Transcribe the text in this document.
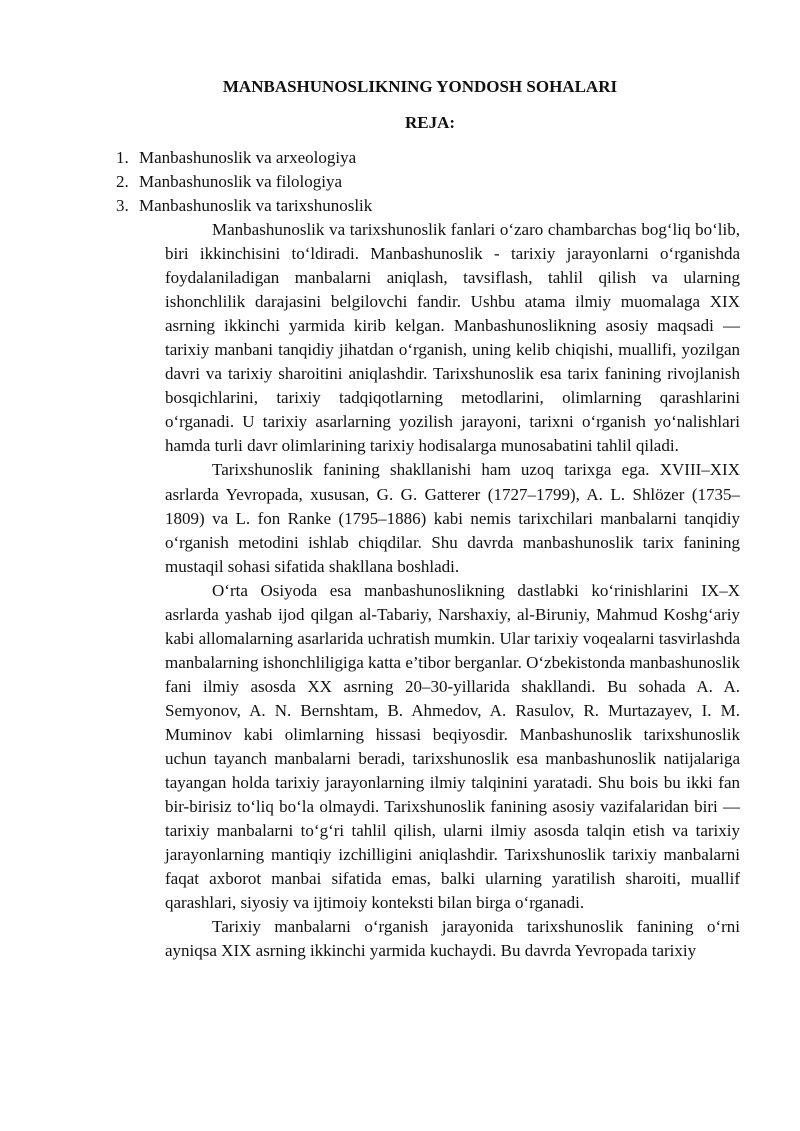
MANBASHUNOSLIKNING YONDOSH SOHALARI
REJA:
1. Manbashunoslik va arxeologiya
2. Manbashunoslik va filologiya
3. Manbashunoslik va tarixshunoslik

Manbashunoslik va tarixshunoslik fanlari o‘zaro chambarchas bog‘liq bo‘lib, biri ikkinchisini to‘ldiradi. Manbashunoslik - tarixiy jarayonlarni o‘rganishda foydalaniladigan manbalarni aniqlash, tavsiflash, tahlil qilish va ularning ishonchlilik darajasini belgilovchi fandir. Ushbu atama ilmiy muomalaga XIX asrning ikkinchi yarmida kirib kelgan. Manbashunoslikning asosiy maqsadi — tarixiy manbani tanqidiy jihatdan o‘rganish, uning kelib chiqishi, muallifi, yozilgan davri va tarixiy sharoitini aniqlashdir. Tarixshunoslik esa tarix fanining rivojlanish bosqichlarini, tarixiy tadqiqotlarning metodlarini, olimlarning qarashlarini o‘rganadi. U tarixiy asarlarning yozilish jarayoni, tarixni o‘rganish yo‘nalishlari hamda turli davr olimlarining tarixiy hodisalarga munosabatini tahlil qiladi.

Tarixshunoslik fanining shakllanishi ham uzoq tarixga ega. XVIII–XIX asrlarda Yevropada, xususan, G. G. Gatterer (1727–1799), A. L. Shlözer (1735–1809) va L. fon Ranke (1795–1886) kabi nemis tarixchilari manbalarni tanqidiy o‘rganish metodini ishlab chiqdilar. Shu davrda manbashunoslik tarix fanining mustaqil sohasi sifatida shakllana boshladi.

O‘rta Osiyoda esa manbashunoslikning dastlabki ko‘rinishlarini IX–X asrlarda yashab ijod qilgan al-Tabariy, Narshaxiy, al-Biruniy, Mahmud Koshg‘ariy kabi allomalarning asarlarida uchratish mumkin. Ular tarixiy voqealarni tasvirlashda manbalarning ishonchliligiga katta e’tibor berganlar. O‘zbekistonda manbashunoslik fani ilmiy asosda XX asrning 20–30-yillarida shakllandi. Bu sohada A. A. Semyonov, A. N. Bernshtam, B. Ahmedov, A. Rasulov, R. Murtazayev, I. M. Muminov kabi olimlarning hissasi beqiyosdir. Manbashunoslik tarixshunoslik uchun tayanch manbalarni beradi, tarixshunoslik esa manbashunoslik natijalariga tayangan holda tarixiy jarayonlarning ilmiy talqinini yaratadi. Shu bois bu ikki fan bir-birisiz to‘liq bo‘la olmaydi. Tarixshunoslik fanining asosiy vazifalaridan biri — tarixiy manbalarni to‘g‘ri tahlil qilish, ularni ilmiy asosda talqin etish va tarixiy jarayonlarning mantiqiy izchilligini aniqlashdir. Tarixshunoslik tarixiy manbalarni faqat axborot manbai sifatida emas, balki ularning yaratilish sharoiti, muallif qarashlari, siyosiy va ijtimoiy konteksti bilan birga o‘rganadi.

Tarixiy manbalarni o‘rganish jarayonida tarixshunoslik fanining o‘rni ayniqsa XIX asrning ikkinchi yarmida kuchaydi. Bu davrda Yevropada tarixiy
